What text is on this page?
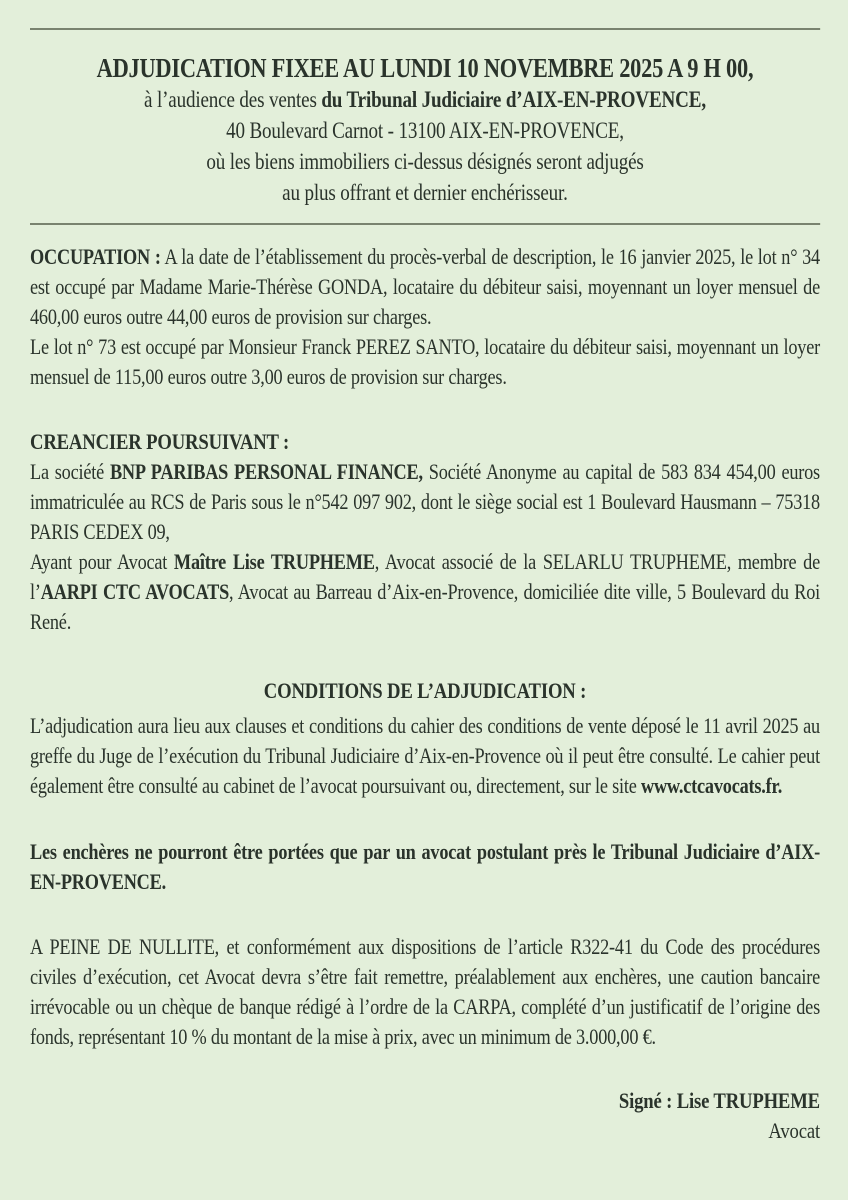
ADJUDICATION FIXEE AU LUNDI 10 NOVEMBRE 2025 A 9 H 00,
à l’audience des ventes du Tribunal Judiciaire d’AIX-EN-PROVENCE,
40 Boulevard Carnot - 13100 AIX-EN-PROVENCE,
où les biens immobiliers ci-dessus désignés seront adjugés
au plus offrant et dernier enchérisseur.
OCCUPATION : A la date de l’établissement du procès-verbal de description, le 16 janvier 2025, le lot n° 34 est occupé par Madame Marie-Thérèse GONDA, locataire du débiteur saisi, moyennant un loyer mensuel de 460,00 euros outre 44,00 euros de provision sur charges.
Le lot n° 73 est occupé par Monsieur Franck PEREZ SANTO, locataire du débiteur saisi, moyennant un loyer mensuel de 115,00 euros outre 3,00 euros de provision sur charges.
CREANCIER POURSUIVANT :
La société BNP PARIBAS PERSONAL FINANCE, Société Anonyme au capital de 583 834 454,00 euros immatriculée au RCS de Paris sous le n°542 097 902, dont le siège social est 1 Boulevard Hausmann – 75318 PARIS CEDEX 09,
Ayant pour Avocat Maître Lise TRUPHEME, Avocat associé de la SELARLU TRUPHEME, membre de l’AARPI CTC AVOCATS, Avocat au Barreau d’Aix-en-Provence, domiciliée dite ville, 5 Boulevard du Roi René.
CONDITIONS DE L’ADJUDICATION :
L’adjudication aura lieu aux clauses et conditions du cahier des conditions de vente déposé le 11 avril 2025 au greffe du Juge de l’exécution du Tribunal Judiciaire d’Aix-en-Provence où il peut être consulté. Le cahier peut également être consulté au cabinet de l’avocat poursuivant ou, directement, sur le site www.ctcavocats.fr.
Les enchères ne pourront être portées que par un avocat postulant près le Tribunal Judiciaire d’AIX-EN-PROVENCE.
A PEINE DE NULLITE, et conformément aux dispositions de l’article R322-41 du Code des procédures civiles d’exécution, cet Avocat devra s’être fait remettre, préalablement aux enchères, une caution bancaire irrévocable ou un chèque de banque rédigé à l’ordre de la CARPA, complété d’un justificatif de l’origine des fonds, représentant 10 % du montant de la mise à prix, avec un minimum de 3.000,00 €.
Signé : Lise TRUPHEME
Avocat
